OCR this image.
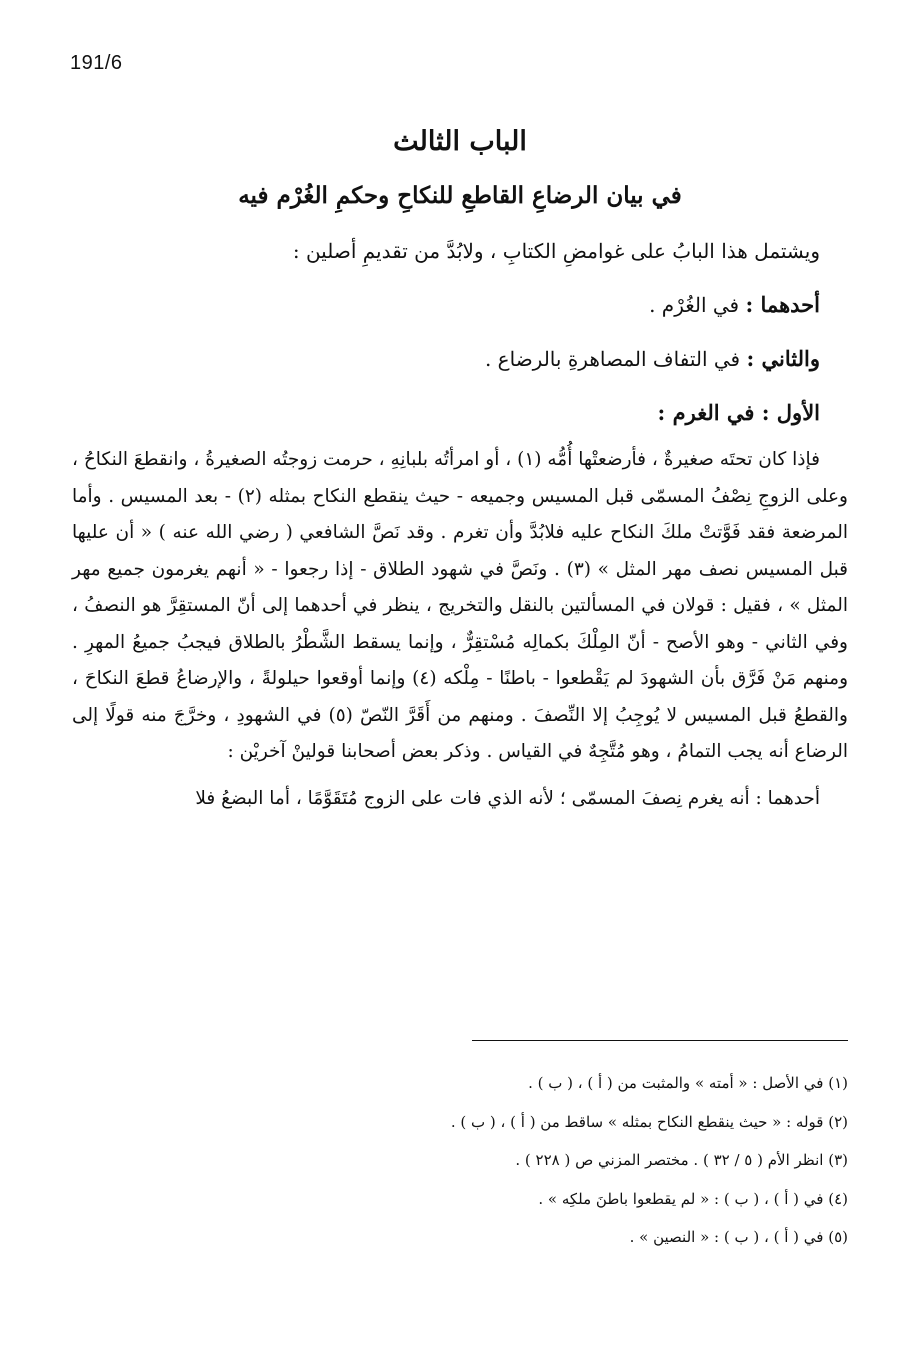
191/6
الباب الثالث
في بيان الرضاعِ القاطعِ للنكاحِ وحكمِ الغُرْم فيه

ويشتمل هذا البابُ على غوامضِ الكتابِ ، ولابُدَّ من تقديمِ أصلين :

أحدهما : في الغُرْم .

والثاني : في التفاف المصاهرةِ بالرضاع .

الأول : في الغرم :

فإذا كان تحتَه صغيرةٌ ، فأرضعتْها أُمُّه (١) ، أو امرأتُه بلبانِهِ ، حرمت زوجتُه الصغيرةُ ، وانقطعَ النكاحُ ، وعلى الزوجِ نِصْفُ المسمّى قبل المسيس وجميعه - حيث ينقطع النكاح بمثله (٢) - بعد المسيس . وأما المرضعة فقد فَوَّتتْ ملكَ النكاح عليه فلابُدَّ وأن تغرم . وقد نَصَّ الشافعي ( رضي الله عنه ) « أن عليها قبل المسيس نصف مهر المثل » (٣) . ونَصَّ في شهود الطلاق - إذا رجعوا - « أنهم يغرمون جميع مهر المثل » ، فقيل : قولان في المسألتين بالنقل والتخريج ، ينظر في أحدهما إلى أنّ المستقِرَّ هو النصفُ ، وفي الثاني - وهو الأصح - أنّ المِلْكَ بكمالِه مُسْتقِرٌّ ، وإنما يسقط الشَّطْرُ بالطلاق فيجبُ جميعُ المهرِ . ومنهم مَنْ فَرَّق بأن الشهودَ لم يَقْطعوا - باطنًا - مِلْكه (٤) وإنما أوقعوا حيلولةً ، والإرضاعُ قطعَ النكاحَ ، والقطعُ قبل المسيس لا يُوجِبُ إلا النِّصفَ . ومنهم من أَقَرَّ النّصّ (٥) في الشهودِ ، وخرَّجَ منه قولًا إلى الرضاع أنه يجب التمامُ ، وهو مُتَّجِهٌ في القياس . وذكر بعض أصحابنا قولينْ آخريْن :

أحدهما : أنه يغرم نِصفَ المسمّى ؛ لأنه الذي فات على الزوج مُتَقَوَّمًا ، أما البضعُ فلا

(١) في الأصل : « أمته » والمثبت من ( أ ) ، ( ب ) .

(٢) قوله : « حيث ينقطع النكاح بمثله » ساقط من ( أ ) ، ( ب ) .

(٣) انظر الأم ( ٥ / ٣٢ ) . مختصر المزني ص ( ٢٢٨ ) .

(٤) في ( أ ) ، ( ب ) : « لم يقطعوا باطنَ ملكِه » .

(٥) في ( أ ) ، ( ب ) : « النصين » .
